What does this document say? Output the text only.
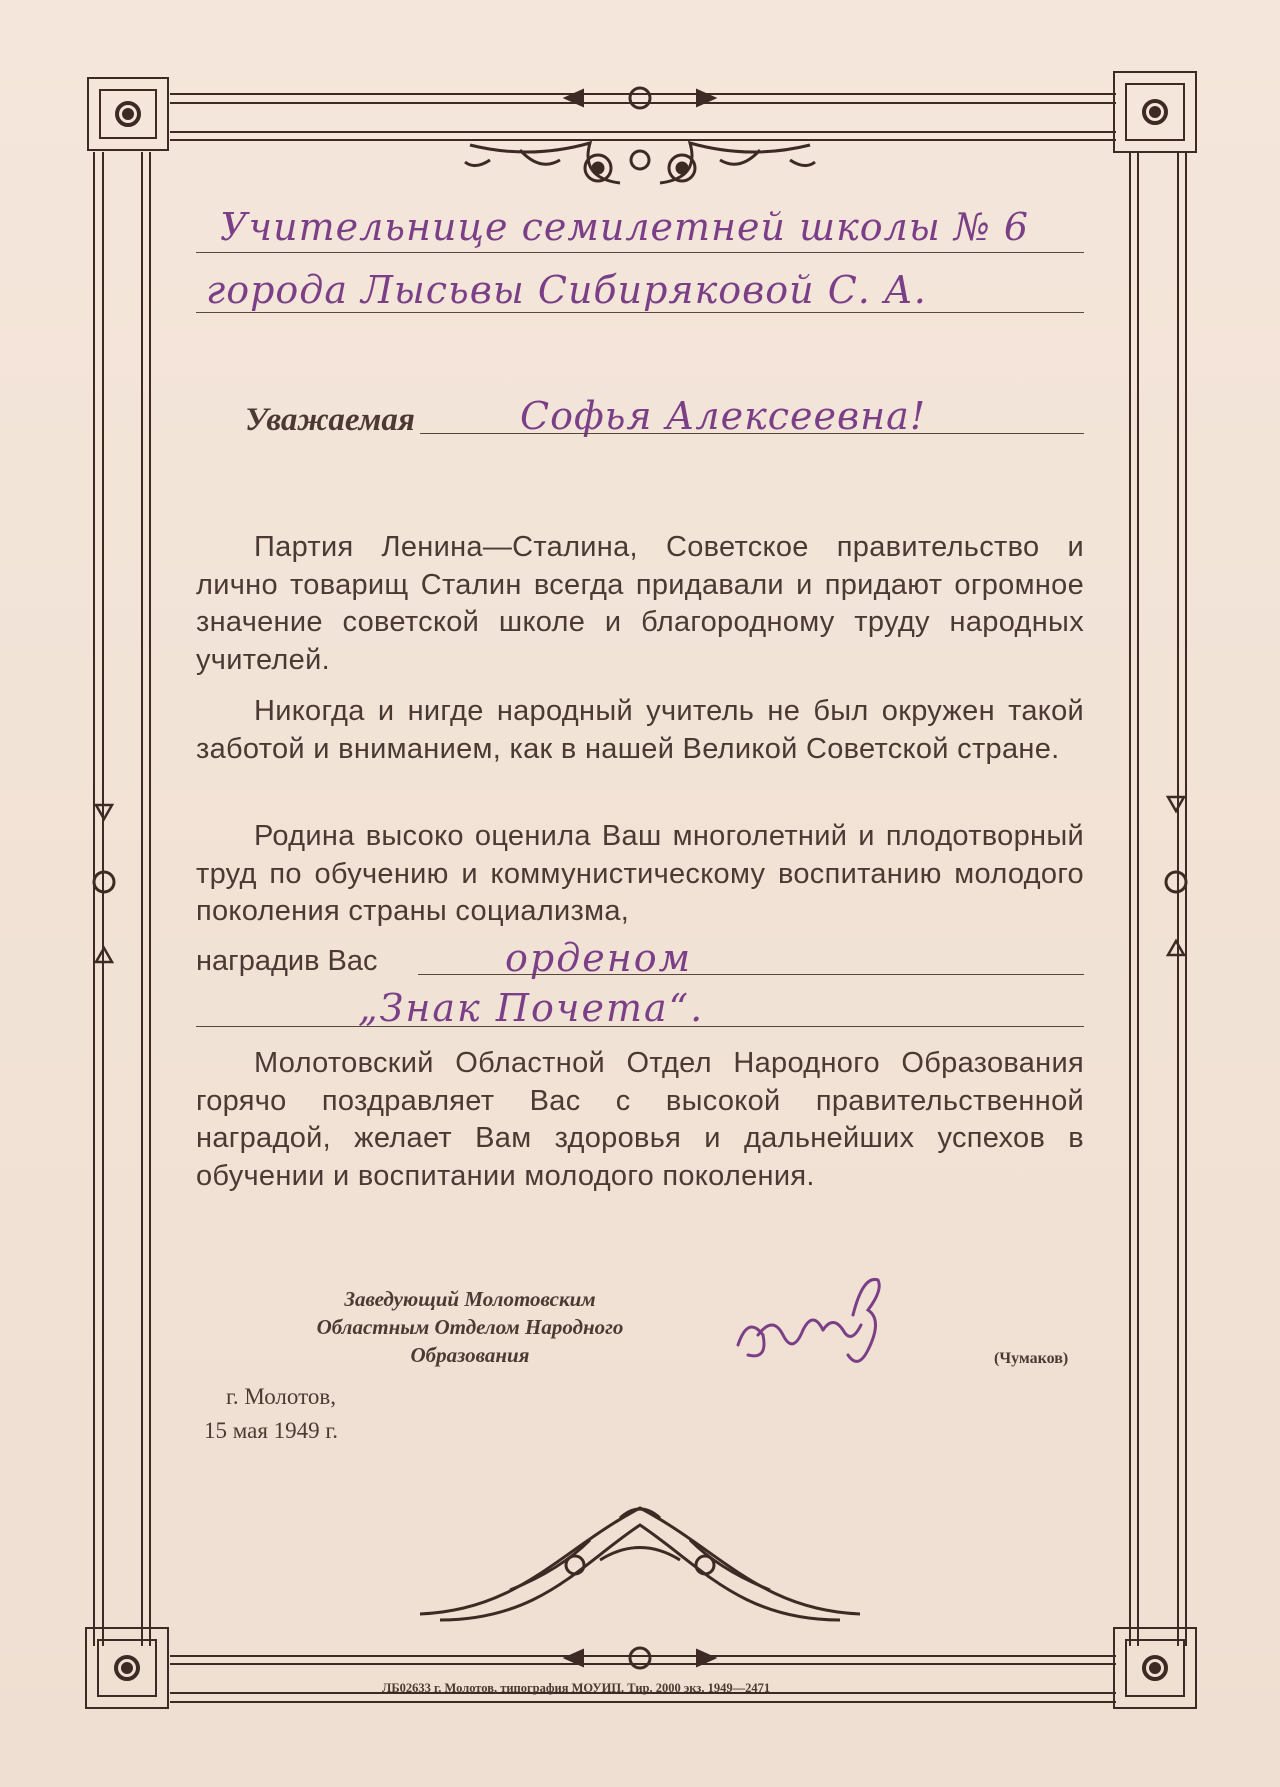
Учительнице семилетней школы № 6
города Лысьвы Сибиряковой С. А.
Уважаемая	Софья Алексеевна!
Партия Ленина—Сталина, Советское правительство и лично товарищ Сталин всегда придавали и придают огромное значение советской школе и благородному труду народных учителей.
Никогда и нигде народный учитель не был окружен такой заботой и вниманием, как в нашей Великой Советской стране.
Родина высоко оценила Ваш многолетний и плодотворный труд по обучению и коммунистическому воспитанию молодого поколения страны социализма,
наградив Вас	орденом
„Знак Почета“.
Молотовский Областной Отдел Народного Образования горячо поздравляет Вас с высокой правительственной наградой, желает Вам здоровья и дальнейших успехов в обучении и воспитании молодого поколения.
Заведующий Молотовским
Областным Отделом Народного
Образования	(Чумаков)
г. Молотов,
15 мая 1949 г.
ЛБ02633 г. Молотов, типография МОУИП. Тир. 2000 экз. 1949—2471
